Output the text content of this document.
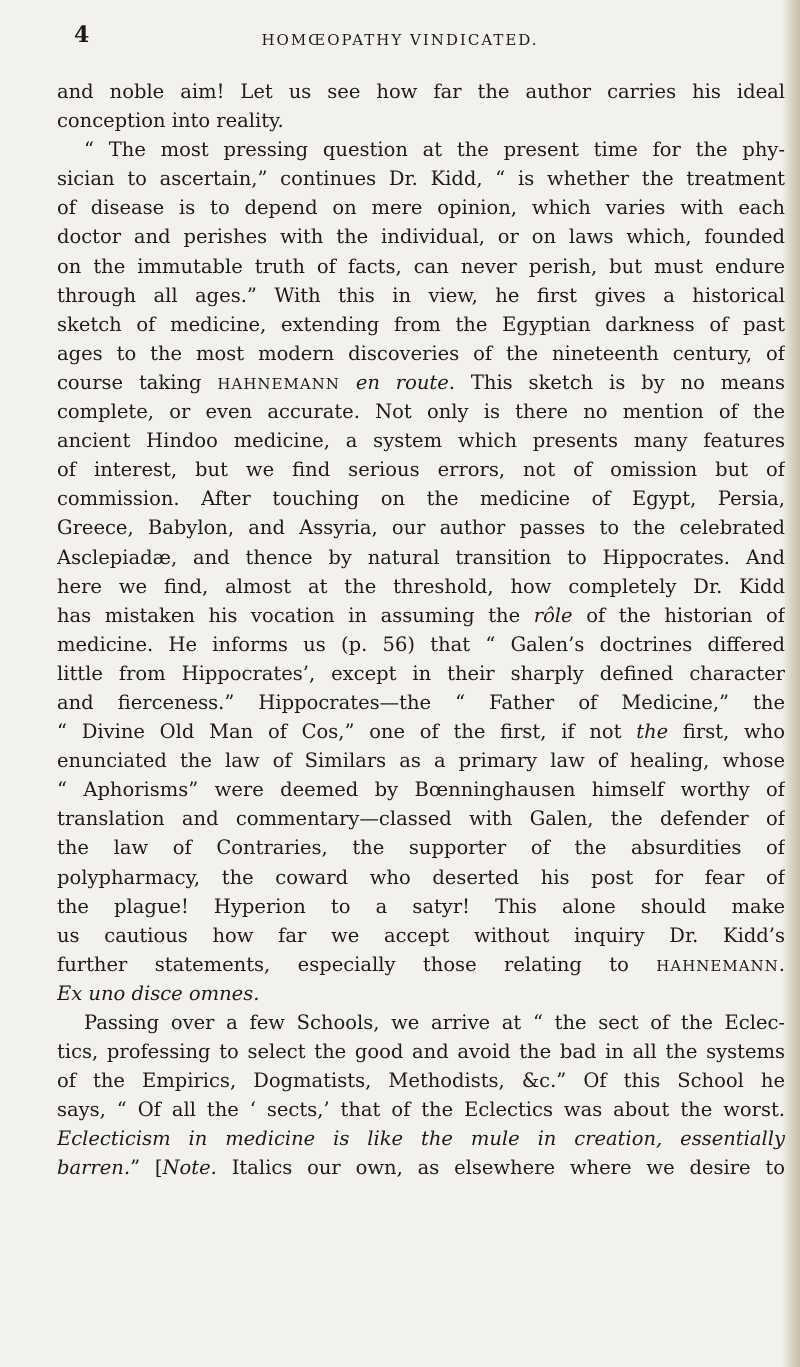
4	HOMŒOPATHY VINDICATED.
and noble aim! Let us see how far the author carries his ideal
conception into reality.
“ The most pressing question at the present time for the phy-
sician to ascertain,” continues Dr. Kidd, “ is whether the treatment
of disease is to depend on mere opinion, which varies with each
doctor and perishes with the individual, or on laws which, founded
on the immutable truth of facts, can never perish, but must endure
through all ages.” With this in view, he first gives a historical
sketch of medicine, extending from the Egyptian darkness of past
ages to the most modern discoveries of the nineteenth century, of
course taking HAHNEMANN en route. This sketch is by no means
complete, or even accurate. Not only is there no mention of the
ancient Hindoo medicine, a system which presents many features
of interest, but we find serious errors, not of omission but of
commission. After touching on the medicine of Egypt, Persia,
Greece, Babylon, and Assyria, our author passes to the celebrated
Asclepiadæ, and thence by natural transition to Hippocrates. And
here we find, almost at the threshold, how completely Dr. Kidd
has mistaken his vocation in assuming the rôle of the historian of
medicine. He informs us (p. 56) that “ Galen’s doctrines differed
little from Hippocrates’, except in their sharply defined character
and fierceness.” Hippocrates—the “ Father of Medicine,” the
“ Divine Old Man of Cos,” one of the first, if not the first, who
enunciated the law of Similars as a primary law of healing, whose
“ Aphorisms” were deemed by Bœnninghausen himself worthy of
translation and commentary—classed with Galen, the defender of
the law of Contraries, the supporter of the absurdities of
polypharmacy, the coward who deserted his post for fear of
the plague! Hyperion to a satyr! This alone should make
us cautious how far we accept without inquiry Dr. Kidd’s
further statements, especially those relating to HAHNEMANN.
Ex uno disce omnes.
Passing over a few Schools, we arrive at “ the sect of the Eclec-
tics, professing to select the good and avoid the bad in all the systems
of the Empirics, Dogmatists, Methodists, &c.” Of this School he
says, “ Of all the ‘ sects,’ that of the Eclectics was about the worst.
Eclecticism in medicine is like the mule in creation, essentially
barren.” [Note. Italics our own, as elsewhere where we desire to
